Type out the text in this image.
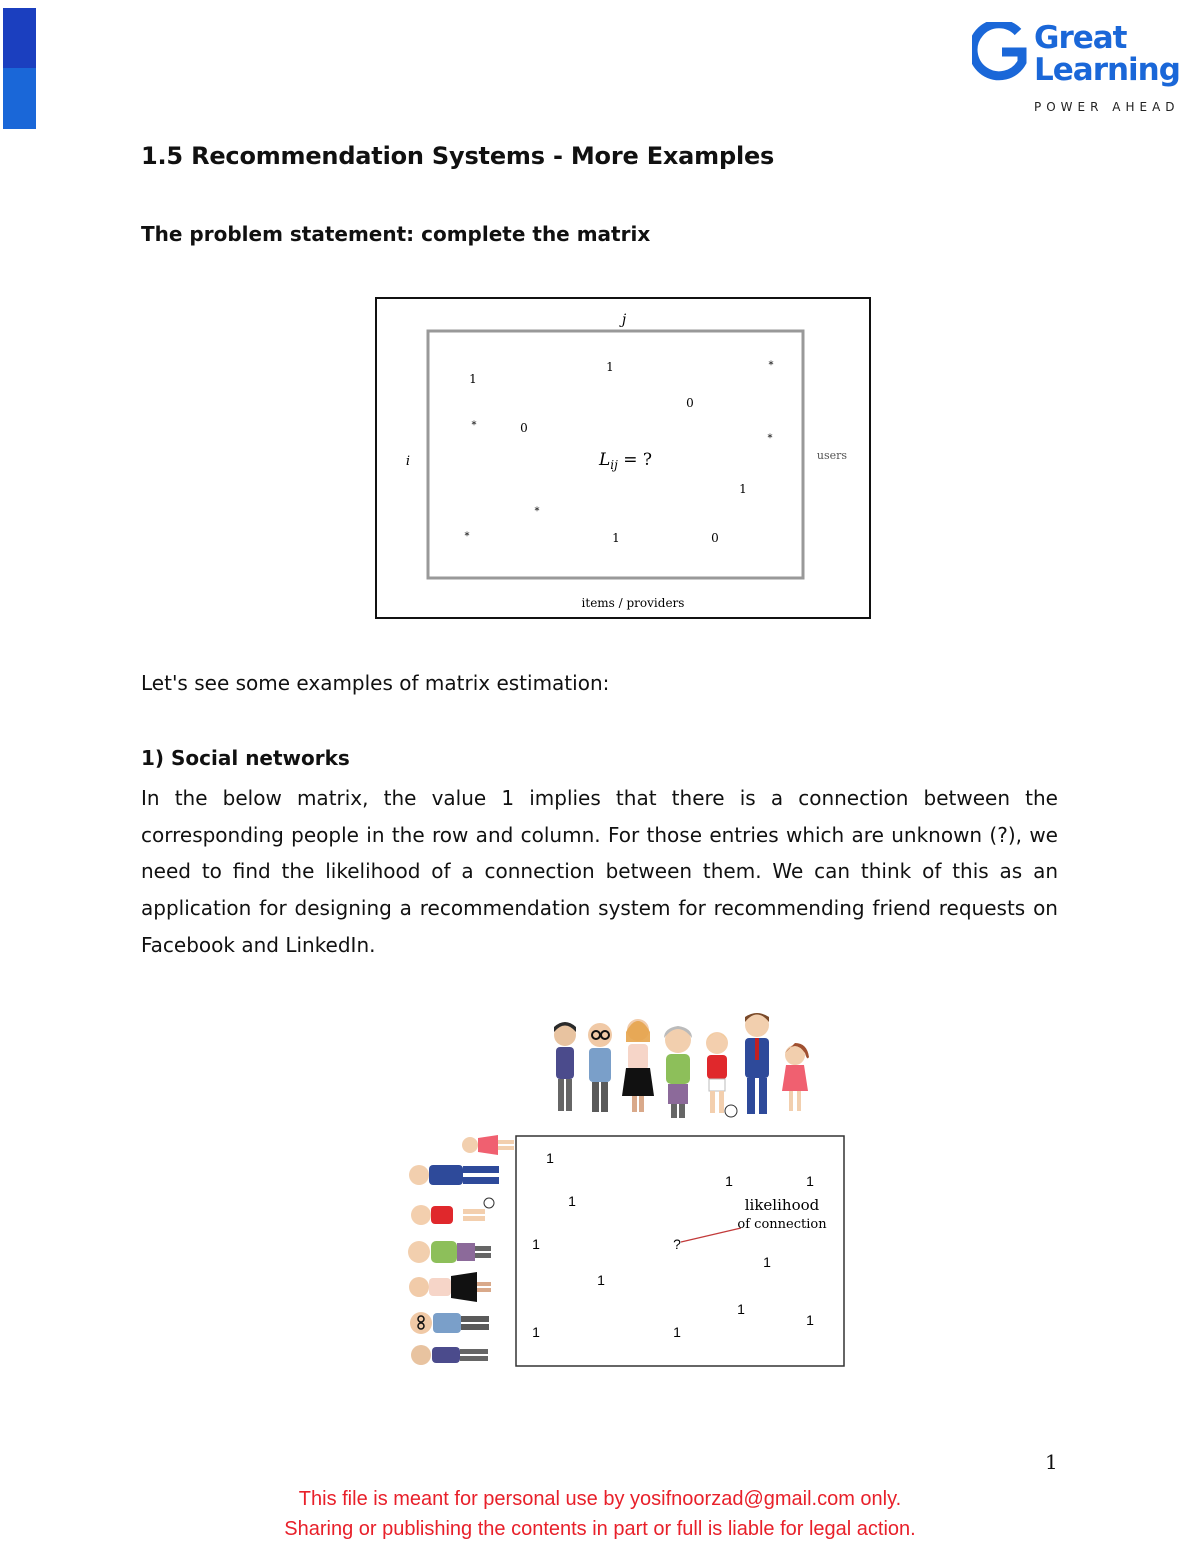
Great
Learning
POWER AHEAD
1.5 Recommendation Systems - More Examples
The problem statement: complete the matrix
j
i	users
items / providers
$L_{ij}$ = ?
1
1	*
0
*	0
*
1
*
*	1	0
Let's see some examples of matrix estimation:
1) Social networks
In the below matrix, the value 1 implies that there is a connection between the corresponding people in the row and column. For those entries which are unknown (?), we need to find the likelihood of a connection between them. We can think of this as an application for designing a recommendation system for recommending friend requests on Facebook and LinkedIn.
1
1	1
1
1	?
1
1
1
1
1	1
likelihood
of connection
1
This file is meant for personal use by yosifnoorzad@gmail.com only.
Sharing or publishing the contents in part or full is liable for legal action.
